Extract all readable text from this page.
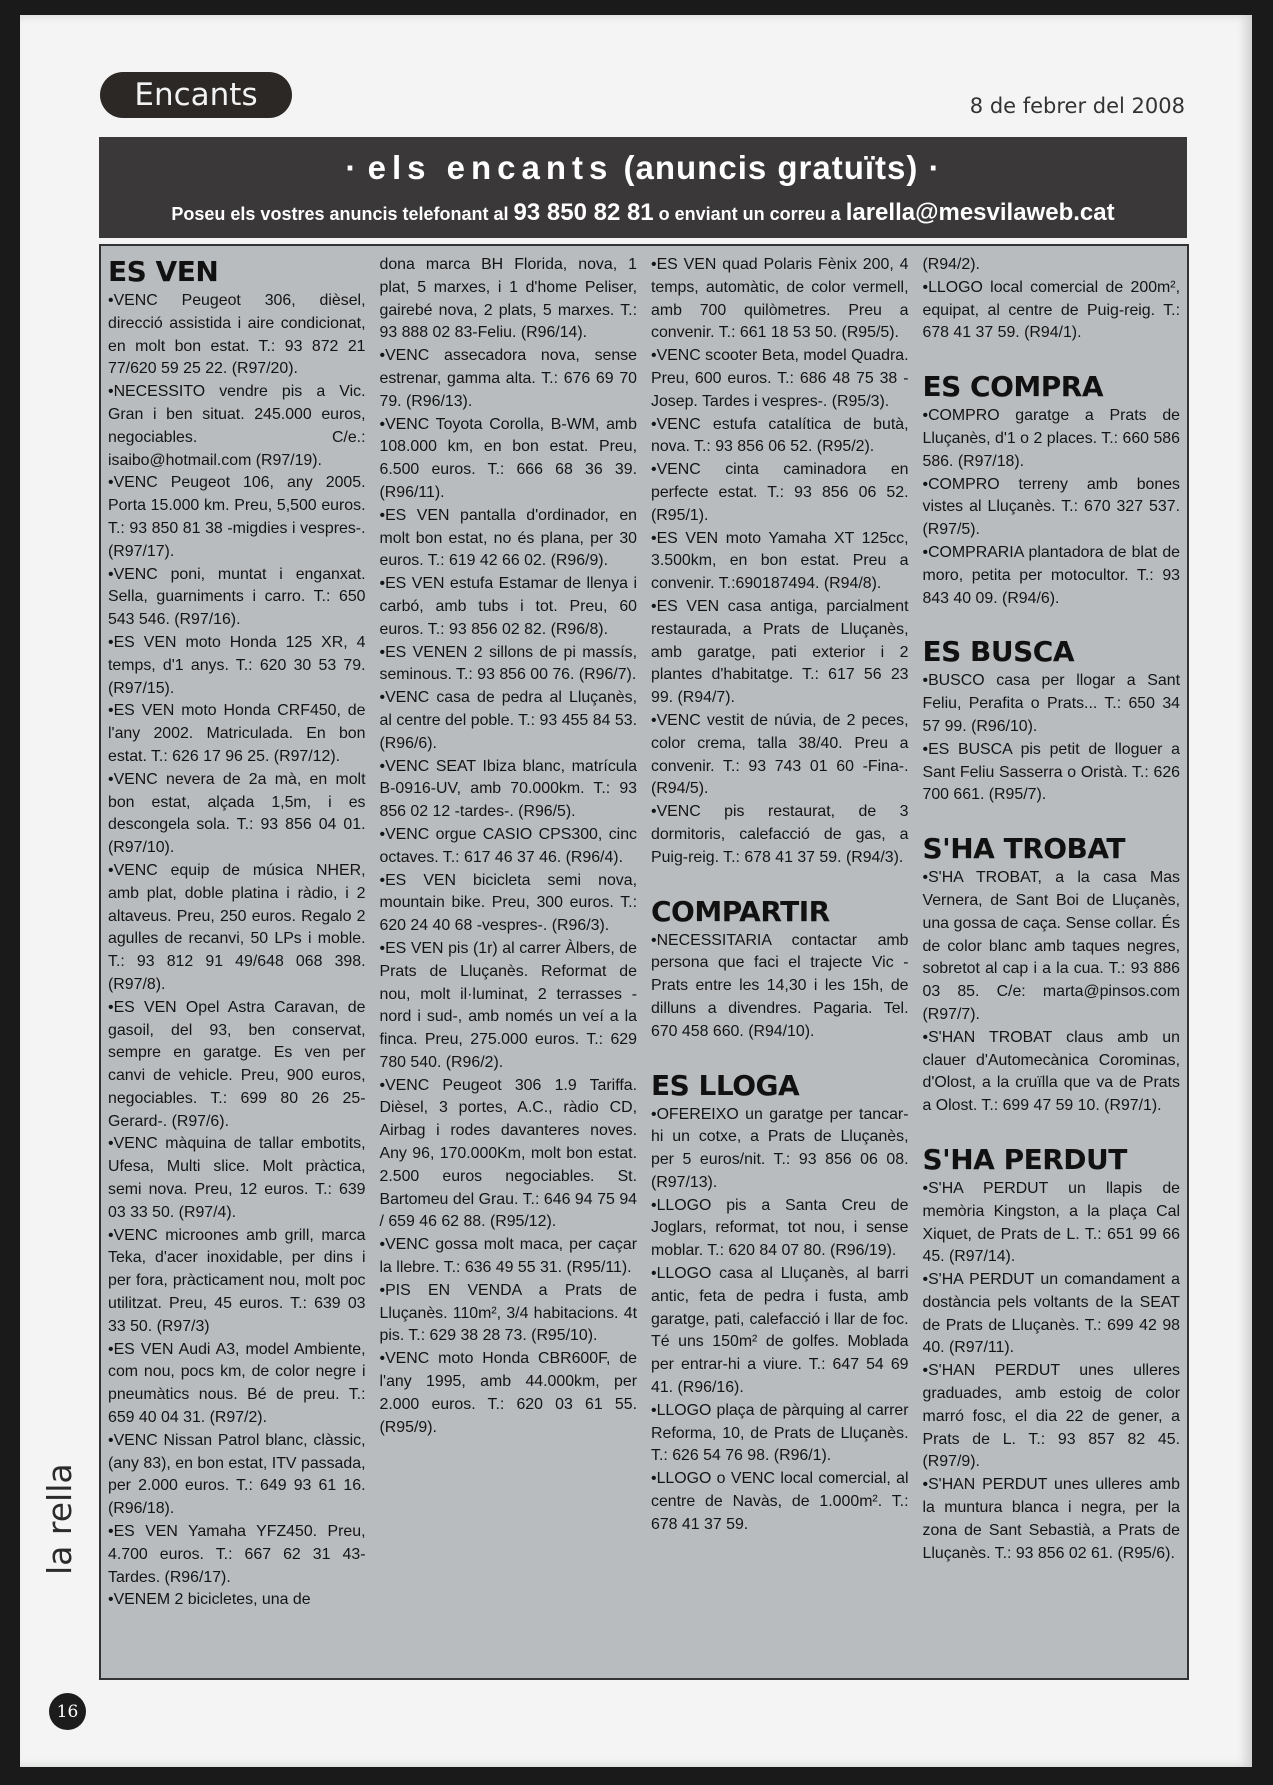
Encants	8 de febrer del 2008
· els encants (anuncis gratuïts) ·
Poseu els vostres anuncis telefonant al 93 850 82 81 o enviant un correu a larella@mesvilaweb.cat
ES VEN

•VENC Peugeot 306, dièsel, direcció assistida i aire condicionat, en molt bon estat. T.: 93 872 21 77/620 59 25 22. (R97/20).

•NECESSITO vendre pis a Vic. Gran i ben situat. 245.000 euros, negociables. C/e.: isaibo@hotmail.com (R97/19).

•VENC Peugeot 106, any 2005. Porta 15.000 km. Preu, 5,500 euros. T.: 93 850 81 38 -migdies i vespres-. (R97/17).

•VENC poni, muntat i enganxat. Sella, guarniments i carro. T.: 650 543 546. (R97/16).

•ES VEN moto Honda 125 XR, 4 temps, d'1 anys. T.: 620 30 53 79. (R97/15).

•ES VEN moto Honda CRF450, de l'any 2002. Matriculada. En bon estat. T.: 626 17 96 25. (R97/12).

•VENC nevera de 2a mà, en molt bon estat, alçada 1,5m, i es descongela sola. T.: 93 856 04 01. (R97/10).

•VENC equip de música NHER, amb plat, doble platina i ràdio, i 2 altaveus. Preu, 250 euros. Regalo 2 agulles de recanvi, 50 LPs i moble. T.: 93 812 91 49/648 068 398. (R97/8).

•ES VEN Opel Astra Caravan, de gasoil, del 93, ben conservat, sempre en garatge. Es ven per canvi de vehicle. Preu, 900 euros, negociables. T.: 699 80 26 25-Gerard-. (R97/6).

•VENC màquina de tallar embotits, Ufesa, Multi slice. Molt pràctica, semi nova. Preu, 12 euros. T.: 639 03 33 50. (R97/4).

•VENC microones amb grill, marca Teka, d'acer inoxidable, per dins i per fora, pràcticament nou, molt poc utilitzat. Preu, 45 euros. T.: 639 03 33 50. (R97/3)

•ES VEN Audi A3, model Ambiente, com nou, pocs km, de color negre i pneumàtics nous. Bé de preu. T.: 659 40 04 31. (R97/2).

•VENC Nissan Patrol blanc, clàssic, (any 83), en bon estat, ITV passada, per 2.000 euros. T.: 649 93 61 16. (R96/18).

•ES VEN Yamaha YFZ450. Preu, 4.700 euros. T.: 667 62 31 43-Tardes. (R96/17).

•VENEM 2 bicicletes, una de

dona marca BH Florida, nova, 1 plat, 5 marxes, i 1 d'home Peliser, gairebé nova, 2 plats, 5 marxes. T.: 93 888 02 83-Feliu. (R96/14).

•VENC assecadora nova, sense estrenar, gamma alta. T.: 676 69 70 79. (R96/13).

•VENC Toyota Corolla, B-WM, amb 108.000 km, en bon estat. Preu, 6.500 euros. T.: 666 68 36 39. (R96/11).

•ES VEN pantalla d'ordinador, en molt bon estat, no és plana, per 30 euros. T.: 619 42 66 02. (R96/9).

•ES VEN estufa Estamar de llenya i carbó, amb tubs i tot. Preu, 60 euros. T.: 93 856 02 82. (R96/8).

•ES VENEN 2 sillons de pi massís, seminous. T.: 93 856 00 76. (R96/7).

•VENC casa de pedra al Lluçanès, al centre del poble. T.: 93 455 84 53. (R96/6).

•VENC SEAT Ibiza blanc, matrícula B-0916-UV, amb 70.000km. T.: 93 856 02 12 -tardes-. (R96/5).

•VENC orgue CASIO CPS300, cinc octaves. T.: 617 46 37 46. (R96/4).

•ES VEN bicicleta semi nova, mountain bike. Preu, 300 euros. T.: 620 24 40 68 -vespres-. (R96/3).

•ES VEN pis (1r) al carrer Àlbers, de Prats de Lluçanès. Reformat de nou, molt il·luminat, 2 terrasses -nord i sud-, amb només un veí a la finca. Preu, 275.000 euros. T.: 629 780 540. (R96/2).

•VENC Peugeot 306 1.9 Tariffa. Dièsel, 3 portes, A.C., ràdio CD, Airbag i rodes davanteres noves. Any 96, 170.000Km, molt bon estat. 2.500 euros negociables. St. Bartomeu del Grau. T.: 646 94 75 94 / 659 46 62 88. (R95/12).

•VENC gossa molt maca, per caçar la llebre. T.: 636 49 55 31. (R95/11).

•PIS EN VENDA a Prats de Lluçanès. 110m², 3/4 habitacions. 4t pis. T.: 629 38 28 73. (R95/10).

•VENC moto Honda CBR600F, de l'any 1995, amb 44.000km, per 2.000 euros. T.: 620 03 61 55. (R95/9).

•ES VEN quad Polaris Fènix 200, 4 temps, automàtic, de color vermell, amb 700 quilòmetres. Preu a convenir. T.: 661 18 53 50. (R95/5).

•VENC scooter Beta, model Quadra. Preu, 600 euros. T.: 686 48 75 38 -Josep. Tardes i vespres-. (R95/3).

•VENC estufa catalítica de butà, nova. T.: 93 856 06 52. (R95/2).

•VENC cinta caminadora en perfecte estat. T.: 93 856 06 52. (R95/1).

•ES VEN moto Yamaha XT 125cc, 3.500km, en bon estat. Preu a convenir. T.:690187494. (R94/8).

•ES VEN casa antiga, parcialment restaurada, a Prats de Lluçanès, amb garatge, pati exterior i 2 plantes d'habitatge. T.: 617 56 23 99. (R94/7).

•VENC vestit de núvia, de 2 peces, color crema, talla 38/40. Preu a convenir. T.: 93 743 01 60 -Fina-. (R94/5).

•VENC pis restaurat, de 3 dormitoris, calefacció de gas, a Puig-reig. T.: 678 41 37 59. (R94/3).

COMPARTIR

•NECESSITARIA contactar amb persona que faci el trajecte Vic - Prats entre les 14,30 i les 15h, de dilluns a divendres. Pagaria. Tel. 670 458 660. (R94/10).

ES LLOGA

•OFEREIXO un garatge per tancar-hi un cotxe, a Prats de Lluçanès, per 5 euros/nit. T.: 93 856 06 08. (R97/13).

•LLOGO pis a Santa Creu de Joglars, reformat, tot nou, i sense moblar. T.: 620 84 07 80. (R96/19).

•LLOGO casa al Lluçanès, al barri antic, feta de pedra i fusta, amb garatge, pati, calefacció i llar de foc. Té uns 150m² de golfes. Moblada per entrar-hi a viure. T.: 647 54 69 41. (R96/16).

•LLOGO plaça de pàrquing al carrer Reforma, 10, de Prats de Lluçanès. T.: 626 54 76 98. (R96/1).

•LLOGO o VENC local comercial, al centre de Navàs, de 1.000m². T.: 678 41 37 59.

(R94/2).

•LLOGO local comercial de 200m², equipat, al centre de Puig-reig. T.: 678 41 37 59. (R94/1).

ES COMPRA

•COMPRO garatge a Prats de Lluçanès, d'1 o 2 places. T.: 660 586 586. (R97/18).

•COMPRO terreny amb bones vistes al Lluçanès. T.: 670 327 537. (R97/5).

•COMPRARIA plantadora de blat de moro, petita per motocultor. T.: 93 843 40 09. (R94/6).

ES BUSCA

•BUSCO casa per llogar a Sant Feliu, Perafita o Prats... T.: 650 34 57 99. (R96/10).

•ES BUSCA pis petit de lloguer a Sant Feliu Sasserra o Oristà. T.: 626 700 661. (R95/7).

S'HA TROBAT

•S'HA TROBAT, a la casa Mas Vernera, de Sant Boi de Lluçanès, una gossa de caça. Sense collar. És de color blanc amb taques negres, sobretot al cap i a la cua. T.: 93 886 03 85. C/e: marta@pinsos.com (R97/7).

•S'HAN TROBAT claus amb un clauer d'Automecànica Corominas, d'Olost, a la cruïlla que va de Prats a Olost. T.: 699 47 59 10. (R97/1).

S'HA PERDUT

•S'HA PERDUT un llapis de memòria Kingston, a la plaça Cal Xiquet, de Prats de L. T.: 651 99 66 45. (R97/14).

•S'HA PERDUT un comandament a dostància pels voltants de la SEAT de Prats de Lluçanès. T.: 699 42 98 40. (R97/11).

•S'HAN PERDUT unes ulleres graduades, amb estoig de color marró fosc, el dia 22 de gener, a Prats de L. T.: 93 857 82 45. (R97/9).

•S'HAN PERDUT unes ulleres amb la muntura blanca i negra, per la zona de Sant Sebastià, a Prats de Lluçanès. T.: 93 856 02 61. (R95/6).

la rella
16
